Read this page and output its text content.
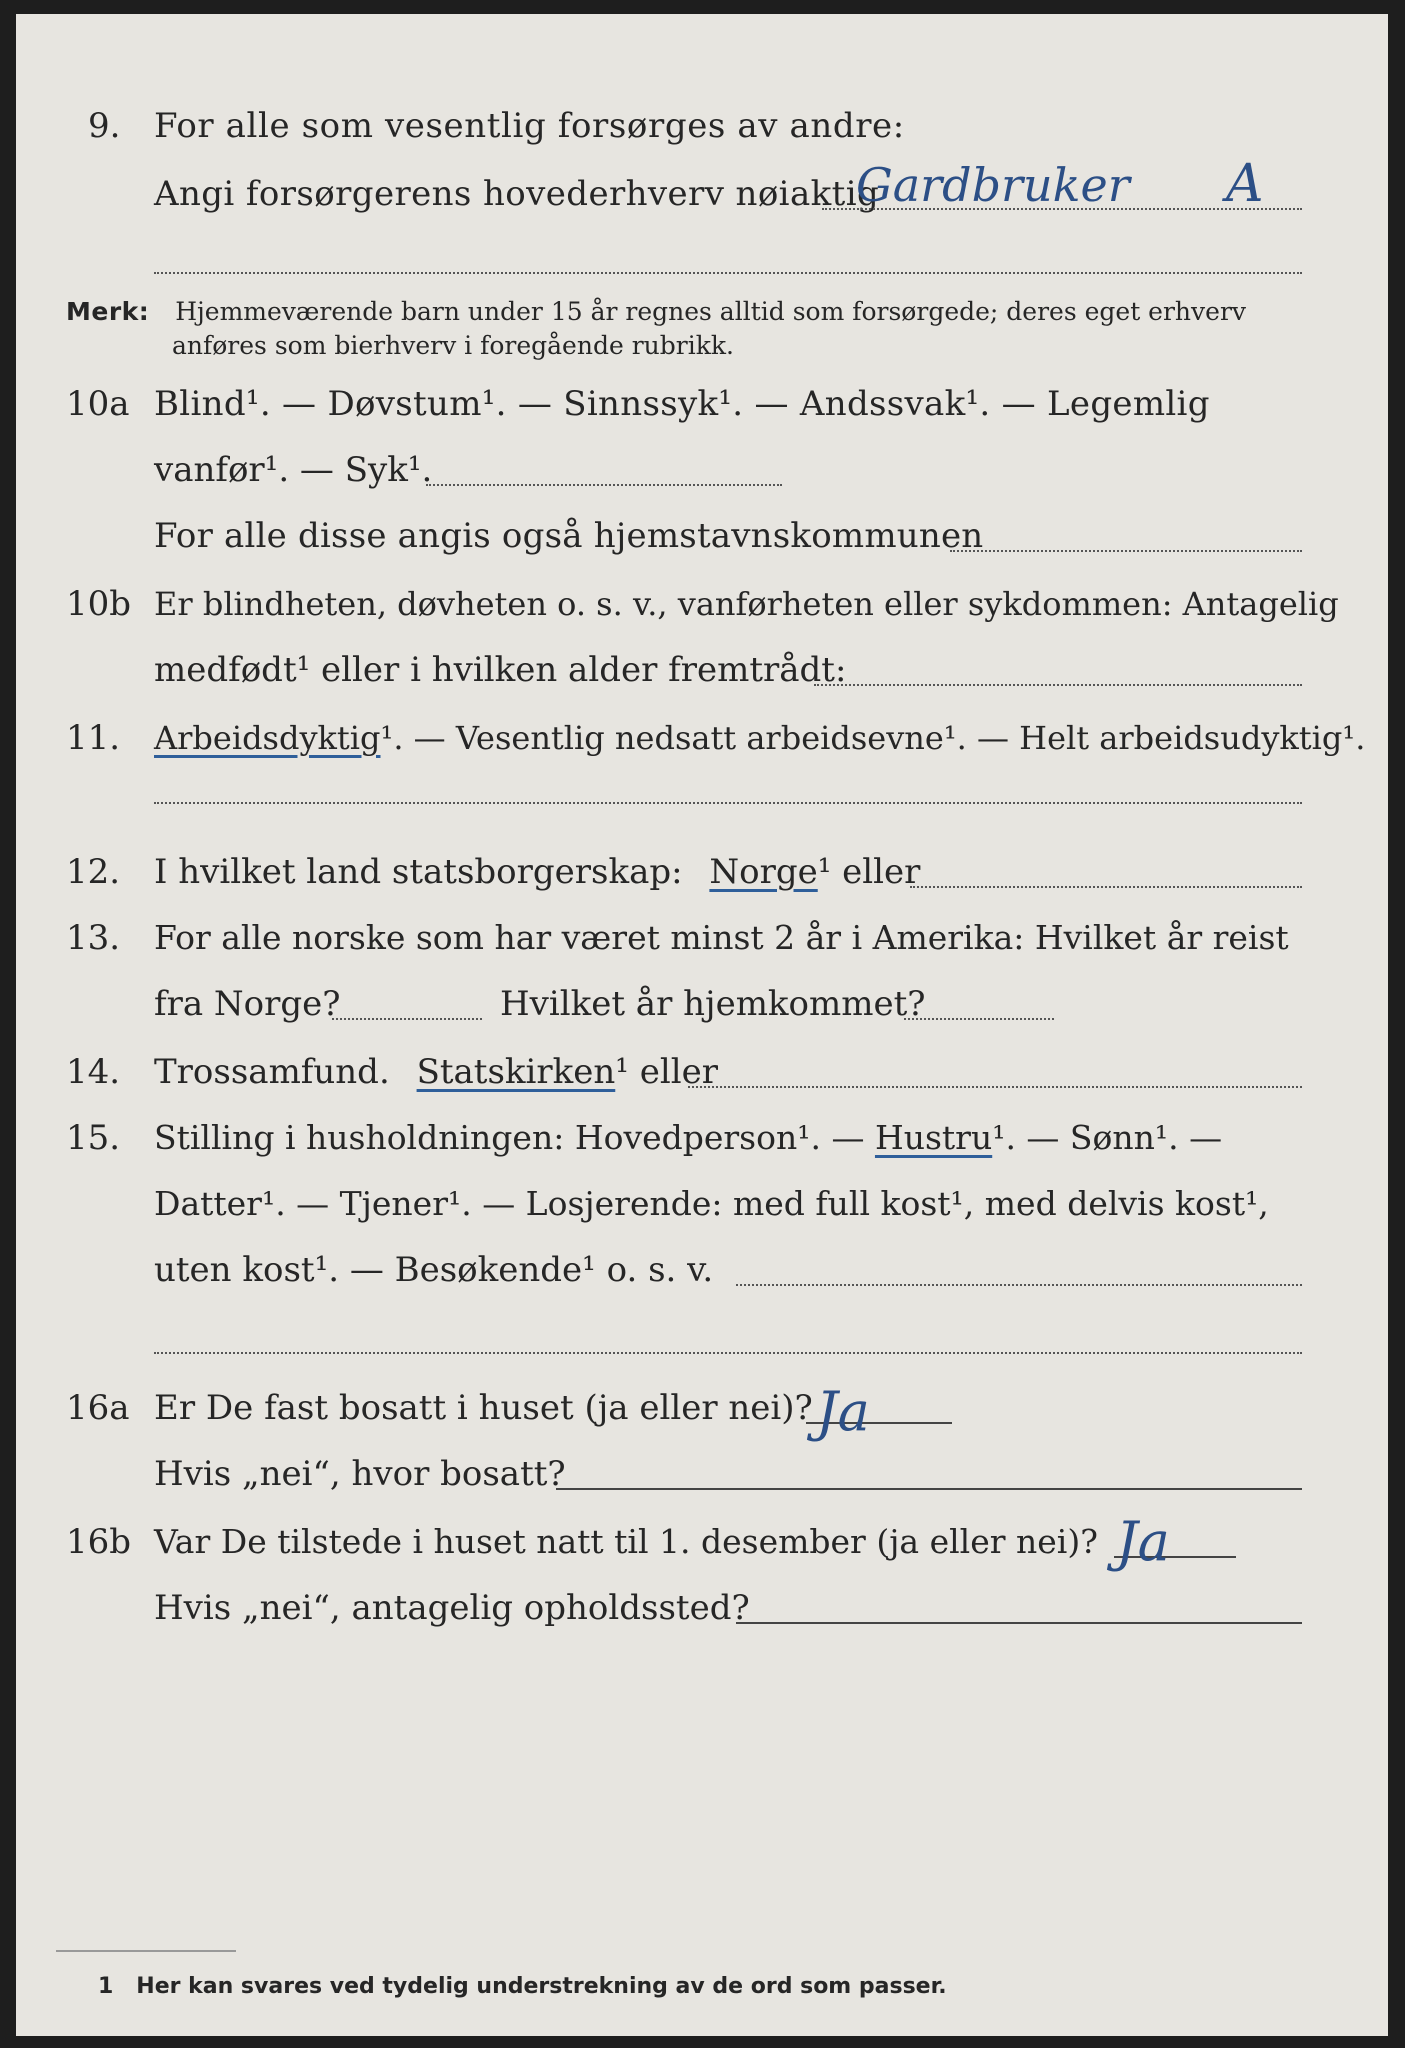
9. For alle som vesentlig forsørges av andre:
Angi forsørgerens hovederhverv nøiaktig
Gardbruker A
Merk: Hjemmeværende barn under 15 år regnes alltid som forsørgede; deres eget erhverv
anføres som bierhverv i foregående rubrikk.
10a Blind¹. — Døvstum¹. — Sinnssyk¹. — Andssvak¹. — Legemlig
vanfør¹. — Syk¹.
For alle disse angis også hjemstavnskommunen
10b Er blindheten, døvheten o. s. v., vanførheten eller sykdommen: Antagelig
medfødt¹ eller i hvilken alder fremtrådt:
11. Arbeidsdyktig¹. — Vesentlig nedsatt arbeidsevne¹. — Helt arbeidsudyktig¹.
12. I hvilket land statsborgerskap: Norge¹ eller
13. For alle norske som har været minst 2 år i Amerika: Hvilket år reist
fra Norge?	Hvilket år hjemkommet?
14. Trossamfund. Statskirken¹ eller
15. Stilling i husholdningen: Hovedperson¹. — Hustru¹. — Sønn¹. —
Datter¹. — Tjener¹. — Losjerende: med full kost¹, med delvis kost¹,
uten kost¹. — Besøkende¹ o. s. v.
16a Er De fast bosatt i huset (ja eller nei)? Ja
Hvis „nei“, hvor bosatt?
16b Var De tilstede i huset natt til 1. desember (ja eller nei)? Ja
Hvis „nei“, antagelig opholdssted?
1 Her kan svares ved tydelig understrekning av de ord som passer.
